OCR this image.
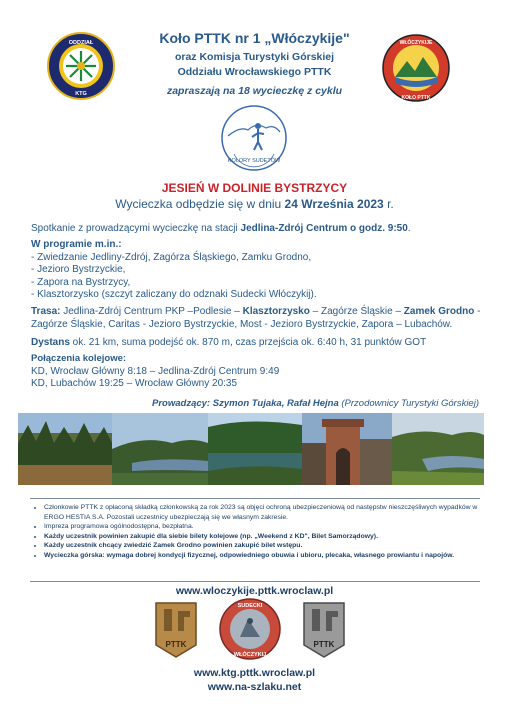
ODDZIAŁ
KTG
WŁÓCZYKIJE
KOŁO PTTK
Koło PTTK nr 1 „Włóczykije"
oraz Komisja Turystyki Górskiej
Oddziału Wrocławskiego PTTK
zapraszają na 18 wycieczkę z cyklu
KOLORY SUDETÓW
JESIEŃ W DOLINIE BYSTRZYCY
Wycieczka odbędzie się w dniu 24 Września 2023 r.
Spotkanie z prowadzącymi wycieczkę na stacji Jedlina-Zdrój Centrum o godz. 9:50.
W programie m.in.:
- Zwiedzanie Jedliny-Zdrój, Zagórza Śląskiego, Zamku Grodno,
- Jezioro Bystrzyckie,
- Zapora na Bystrzycy,
- Klasztorzysko (szczyt zaliczany do odznaki Sudecki Włóczykij).
Trasa: Jedlina-Zdrój Centrum PKP –Podlesie – Klasztorzysko – Zagórze Śląskie – Zamek Grodno - Zagórze Śląskie, Caritas - Jezioro Bystrzyckie, Most - Jezioro Bystrzyckie, Zapora – Lubachów.
Dystans ok. 21 km, suma podejść ok. 870 m, czas przejścia ok. 6:40 h, 31 punktów GOT
Połączenia kolejowe:
KD, Wrocław Główny 8:18 – Jedlina-Zdrój Centrum 9:49
KD, Lubachów 19:25 – Wrocław Główny 20:35
Prowadzący: Szymon Tujaka, Rafał Hejna (Przodownicy Turystyki Górskiej)
• Członkowie PTTK z opłaconą składką członkowską za rok 2023 są objęci ochroną ubezpieczeniową od następstw nieszczęśliwych wypadków w ERGO HESTIA S.A. Pozostali uczestnicy ubezpieczają się we własnym zakresie.
• Impreza programowa ogólnodostępna, bezpłatna.
• Każdy uczestnik powinien zakupić dla siebie bilety kolejowe (np. „Weekend z KD", Bilet Samorządowy).
• Każdy uczestnik chcący zwiedzić Zamek Grodno powinien zakupić bilet wstępu.
• Wycieczka górska: wymaga dobrej kondycji fizycznej, odpowiedniego obuwia i ubioru, plecaka, własnego prowiantu i napojów.
www.wloczykije.pttk.wroclaw.pl
PTTK
SUDECKI
WŁÓCZYKIJ
PTTK
www.ktg.pttk.wroclaw.pl
www.na-szlaku.net
